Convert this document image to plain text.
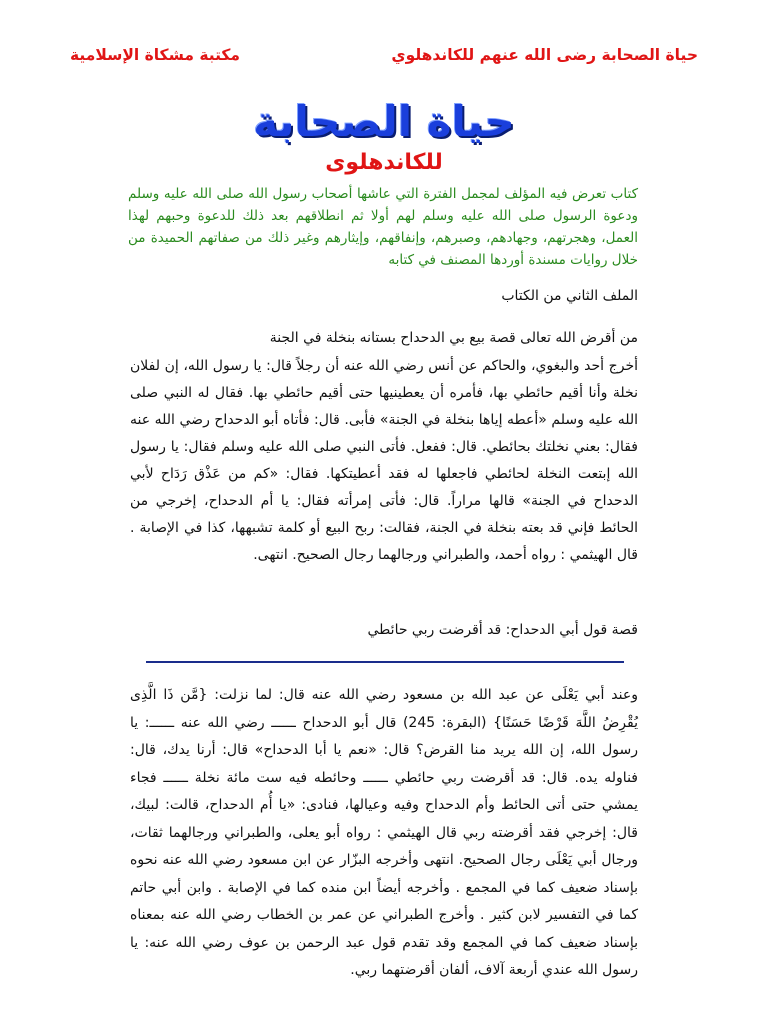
حياة الصحابة رضى الله عنهم للكاندهلوي
مكتبة مشكاة الإسلامية
حياة الصحابة
للكاندهلوى
كتاب تعرض فيه المؤلف لمجمل الفترة التي عاشها أصحاب رسول الله صلى الله عليه وسلم ودعوة الرسول صلى الله عليه وسلم لهم أولا ثم انطلاقهم بعد ذلك للدعوة وحبهم لهذا العمل، وهجرتهم، وجهادهم، وصبرهم، وإنفاقهم، وإيثارهم وغير ذلك من صفاتهم الحميدة من خلال روايات مسندة أوردها المصنف في كتابه
الملف الثاني من الكتاب
من أقرض الله تعالى قصة بيع بي الدحداح بستانه بنخلة في الجنة
أخرج أحد والبغوي، والحاكم عن أنس رضي الله عنه أن رجلاً قال: يا رسول الله، إن لفلان نخلة وأنا أقيم حائطي بها، فأمره أن يعطينيها حتى أقيم حائطي بها. فقال له النبي صلى الله عليه وسلم «أعطه إياها بنخلة في الجنة» فأبى. قال: فأتاه أبو الدحداح رضي الله عنه فقال: بعني نخلتك بحائطي. قال: ففعل. فأتى النبي صلى الله عليه وسلم فقال: يا رسول الله إبتعت النخلة لحائطي فاجعلها له فقد أعطيتكها. فقال: «كم من عَذْق رَدَاح لأبي الدحداح في الجنة» قالها مراراً. قال: فأتى إمرأته فقال: يا أم الدحداح، إخرجي من الحائط فإني قد بعته بنخلة في الجنة، فقالت: ربح البيع أو كلمة تشبهها، كذا في الإصابة . قال الهيثمي : رواه أحمد، والطبراني ورجالهما رجال الصحيح. انتهى.
قصة قول أبي الدحداح: قد أقرضت ربي حائطي
وعند أبي يَعْلَى عن عبد الله بن مسعود رضي الله عنه قال: لما نزلت: {مَّن ذَا الَّذِى يُقْرِضُ اللَّهَ قَرْضًا حَسَنًا} (البقرة: 245) قال أبو الدحداح ــــــ رضي الله عنه ــــــ: يا رسول الله، إن الله يريد منا القرض؟ قال: «نعم يا أبا الدحداح» قال: أرنا يدك، قال: فناوله يده. قال: قد أقرضت ربي حائطي ــــــ وحائطه فيه ست مائة نخلة ــــــ فجاء يمشي حتى أتى الحائط وأم الدحداح وفيه وعيالها، فنادى: «يا أُم الدحداح، قالت: لبيك، قال: إخرجي فقد أقرضته ربي قال الهيثمي : رواه أبو يعلى، والطبراني ورجالهما ثقات، ورجال أبي يَعْلَى رجال الصحيح. انتهى وأخرجه البزّار عن ابن مسعود رضي الله عنه نحوه بإسناد ضعيف كما في المجمع . وأخرجه أيضاً ابن منده كما في الإصابة . وابن أبي حاتم كما في التفسير لابن كثير . وأخرج الطبراني عن عمر بن الخطاب رضي الله عنه بمعناه بإسناد ضعيف كما في المجمع وقد تقدم قول عبد الرحمن بن عوف رضي الله عنه: يا رسول الله عندي أربعة آلاف، ألفان أقرضتهما ربي.
